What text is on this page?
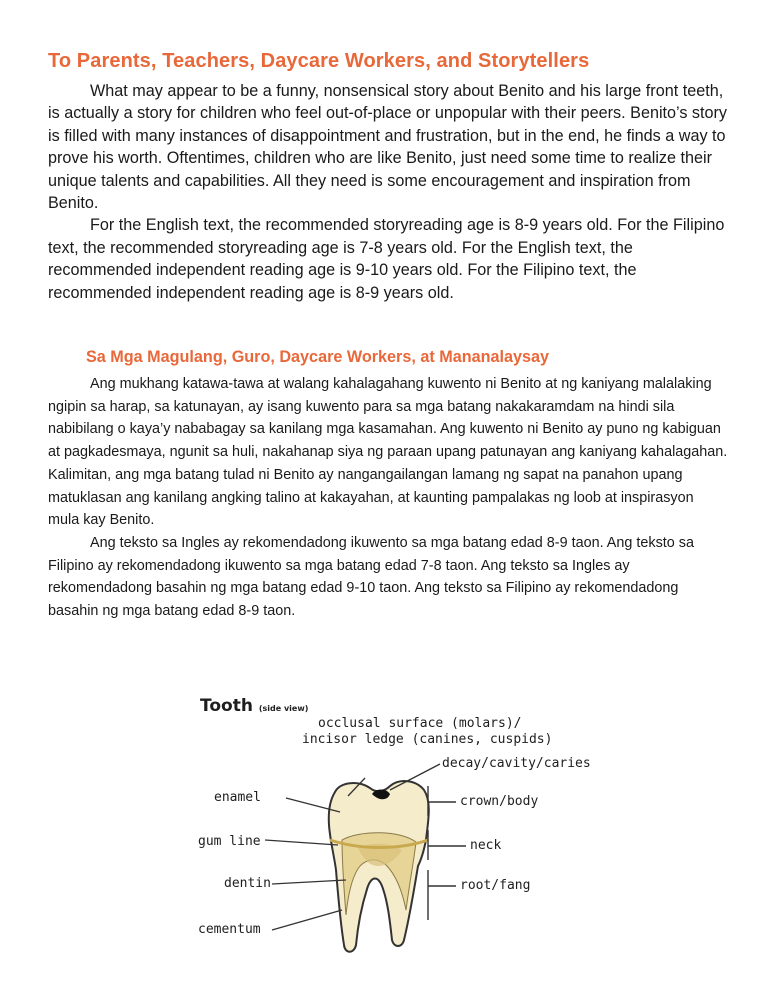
To Parents, Teachers, Daycare Workers, and Storytellers

What may appear to be a funny, nonsensical story about Benito and his large front teeth, is actually a story for children who feel out-of-place or unpopular with their peers. Benito’s story is filled with many instances of disappointment and frustration, but in the end, he finds a way to prove his worth. Oftentimes, children who are like Benito, just need some time to realize their unique talents and capabilities. All they need is some encouragement and inspiration from Benito.

For the English text, the recommended storyreading age is 8-9 years old. For the Filipino text, the recommended storyreading age is 7-8 years old. For the English text, the recommended independent reading age is 9-10 years old. For the Filipino text, the recommended independent reading age is 8-9 years old.

Sa Mga Magulang, Guro, Daycare Workers, at Mananalaysay

Ang mukhang katawa-tawa at walang kahalagahang kuwento ni Benito at ng kaniyang malalaking ngipin sa harap, sa katunayan, ay isang kuwento para sa mga batang nakakaramdam na hindi sila nabibilang o kaya’y nababagay sa kanilang mga kasamahan. Ang kuwento ni Benito ay puno ng kabiguan at pagkadesmaya, ngunit sa huli, nakahanap siya ng paraan upang patunayan ang kaniyang kahalagahan. Kalimitan, ang mga batang tulad ni Benito ay nangangailangan lamang ng sapat na panahon upang matuklasan ang kanilang angking talino at kakayahan, at kaunting pampalakas ng loob at inspirasyon mula kay Benito.

Ang teksto sa Ingles ay rekomendadong ikuwento sa mga batang edad 8-9 taon. Ang teksto sa Filipino ay rekomendadong ikuwento sa mga batang edad 7-8 taon. Ang teksto sa Ingles ay rekomendadong basahin ng mga batang edad 9-10 taon. Ang teksto sa Filipino ay rekomendadong basahin ng mga batang edad 8-9 taon.

Tooth (side view)
occlusal surface (molars)/
incisor ledge (canines, cuspids)
decay/cavity/caries
enamel	crown/body
gum line	neck
dentin	root/fang
cementum
